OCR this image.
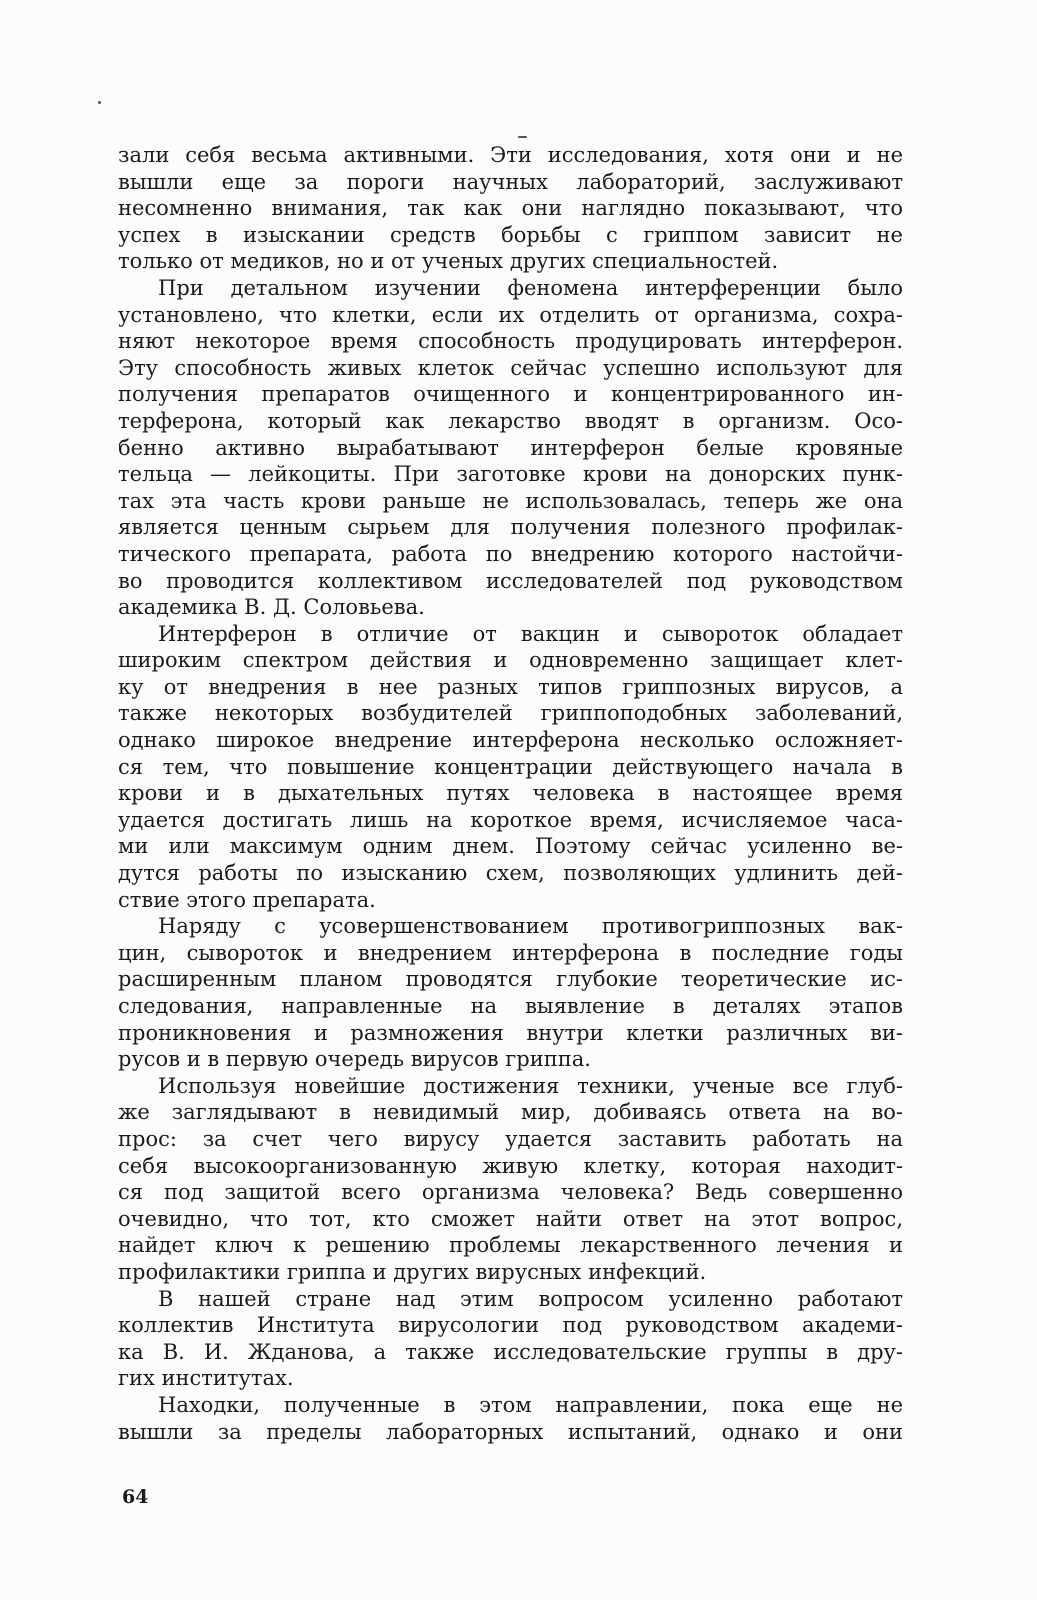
зали себя весьма активными. Эти исследования, хотя они и не
вышли еще за пороги научных лабораторий, заслуживают
несомненно внимания, так как они наглядно показывают, что
успех в изыскании средств борьбы с гриппом зависит не
только от медиков, но и от ученых других специальностей.
При детальном изучении феномена интерференции было
установлено, что клетки, если их отделить от организма, сохра-
няют некоторое время способность продуцировать интерферон.
Эту способность живых клеток сейчас успешно используют для
получения препаратов очищенного и концентрированного ин-
терферона, который как лекарство вводят в организм. Осо-
бенно активно вырабатывают интерферон белые кровяные
тельца — лейкоциты. При заготовке крови на донорских пунк-
тах эта часть крови раньше не использовалась, теперь же она
является ценным сырьем для получения полезного профилак-
тического препарата, работа по внедрению которого настойчи-
во проводится коллективом исследователей под руководством
академика В. Д. Соловьева.
Интерферон в отличие от вакцин и сывороток обладает
широким спектром действия и одновременно защищает клет-
ку от внедрения в нее разных типов гриппозных вирусов, а
также некоторых возбудителей гриппоподобных заболеваний,
однако широкое внедрение интерферона несколько осложняет-
ся тем, что повышение концентрации действующего начала в
крови и в дыхательных путях человека в настоящее время
удается достигать лишь на короткое время, исчисляемое часа-
ми или максимум одним днем. Поэтому сейчас усиленно ве-
дутся работы по изысканию схем, позволяющих удлинить дей-
ствие этого препарата.
Наряду с усовершенствованием противогриппозных вак-
цин, сывороток и внедрением интерферона в последние годы
расширенным планом проводятся глубокие теоретические ис-
следования, направленные на выявление в деталях этапов
проникновения и размножения внутри клетки различных ви-
русов и в первую очередь вирусов гриппа.
Используя новейшие достижения техники, ученые все глуб-
же заглядывают в невидимый мир, добиваясь ответа на во-
прос: за счет чего вирусу удается заставить работать на
себя высокоорганизованную живую клетку, которая находит-
ся под защитой всего организма человека? Ведь совершенно
очевидно, что тот, кто сможет найти ответ на этот вопрос,
найдет ключ к решению проблемы лекарственного лечения и
профилактики гриппа и других вирусных инфекций.
В нашей стране над этим вопросом усиленно работают
коллектив Института вирусологии под руководством академи-
ка В. И. Жданова, а также исследовательские группы в дру-
гих институтах.
Находки, полученные в этом направлении, пока еще не
вышли за пределы лабораторных испытаний, однако и они
64
